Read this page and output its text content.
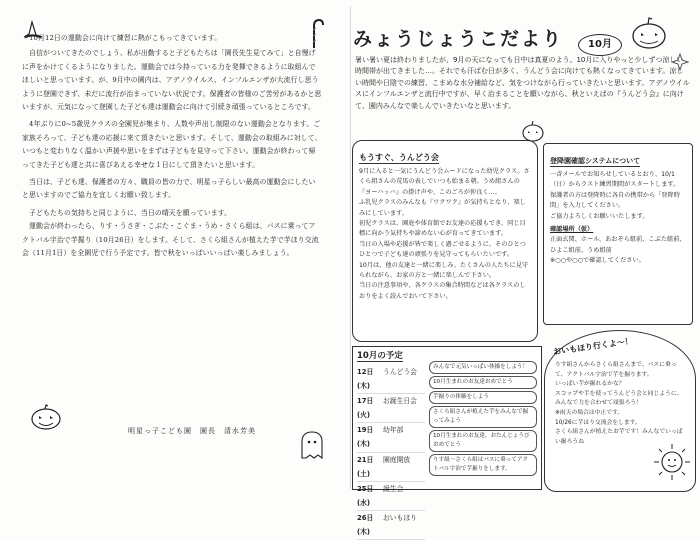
10月12日の運動会に向けて練習に熱がこもってきています。

自信がついてきたのでしょう、私が出勤すると子どもたちは「園長先生見てみて」と自慢げに声をかけてくるようになりました。運動会では今持っている力を発揮できるように取組んでほしいと思っています。が、9月中の園内は、アデノウイルス、インフルエンザが大流行し思うように登園できず、未だに流行が治まっていない状況です。保護者の皆様のご苦労があるかと思いますが、元気になって登園した子ども達は運動会に向けて引続き頑張っているところです。

4年ぶりに0~5歳児クラスの全園児が集まり、人数や声出し制限のない運動会となります。ご家族そろって、子ども達の応援に来て頂きたいと思います。そして、運動会の取組みに対して、いつもと変わりなく温かい声援や思いをまずは子どもを見守って下さい。運動会が終わって帰ってきた子ども達と共に喜びあえる幸せな１日にして頂きたいと思います。

当日は、子ども達、保護者の方々、職員の皆の力で、明星っ子らしい最高の運動会にしたいと思いますのでご協力を宜しくお願い致します。

子どもたちの気持ちと同じように、当日の晴天を願っています。

運動会が終わったら、りす・うさぎ・こぶた・こぐま・うめ・さくら組は、バスに乗ってアクトバル宇治で芋掘り（10月26日）をします。そして、さくら組さんが植えた芋で芋ほり交流会（11月1日）を全園児で行う予定です。皆で秋をいっぱいいっぱい楽しみましょう。

明星っ子こども園　園長　清水芳美
みょうじょうこだより	10月

暑い暑い夏は終わりましたが、9月の天になっても日中は真夏のよう。10月に入りやっと少しずつ涼しい時間帯が出てきました…。それでも汗ばむ日が多く、うんどう会に向けても熱くなってきています。涼しい時間や日陰での練習、こまめな水分補給など、気をつけながら行っていきたいと思います。アデノウイルスにインフルエンザと流行中ですが、早く治まることを願いながら、秋といえばの『うんどう会』に向けて、園内みんなで楽しんでいきたいなと思います。

もうすぐ、うんどう会

9月に入ると一気にうんどう会ムードになった幼児クラス。さくら組さんの荒馬の表しでいつも始まる朝。うめ組さんの『ヨーハッハ』の掛け声や、このごろが仲良く…。

ふ乳児クラスのみんなも『ワクワク』が気持ちとなり、楽しみにしています。

初児クラスは、園庭や体育館でお友達の応援もでき、同じ目標に向かう気持ちや諦めない心が育ってきています。

当日の入場や応援が皆で楽しく過ごせるように、そのひとつひとつで子ども達の頑張りを見守ってもらいたいです。

10月は、他の友達と一緒に楽しみ、たくさんの人たちに見守られながら、お家の方と一緒に楽しんで下さい。

当日の注意事項や、各クラスの集合時間などは各クラスのしおりをよく読んでおいて下さい。

登降園確認システムについて

一斉メールでお知らせしているとおり、10/1（日）からラスト練習期間がスタートします。

保護者の方は登降時に各自の携帯から「登降時間」を入力してください。

ご協力よろしくお願いいたします。

確認場所（仮）

正面玄関、ホール、あおぞら組前、こぶた組前、ひよこ組前、うめ組前

※○○や○○で確認してください。

10月の予定
12日(木)
うんどう会
17日(火)
お誕生日会
19日(木)
幼年部
21日(土)
園庭開放
25日(水)
誕生会
26日(木)
おいもほり

みんなで元気いっぱい体操をしよう！

10月生まれのお友達おめでとう

芋掘りの体験をしよう

さくら組さんが植えた芋をみんなで掘ってみよう

10月生まれのお友達、おたんじょうびおめでとう

りす組〜さくら組はバスに乗ってアクトバル宇治で芋掘りをします。

おいもほり行くよ～！

りす組さんからさくら組さんまで、バスに乗って、アクトバル宇治で芋を掘ります。

いっぱい芋が掘れるかな？

スコップや手を使ってうんどう会と同じように、みんなで力を合わせて頑張ろう！

※雨天の場合は中止です。

10/26に芋ほり交流会をします。

さくら組さんが植えたお芋です！みんなでいっぱい掘ろうね
